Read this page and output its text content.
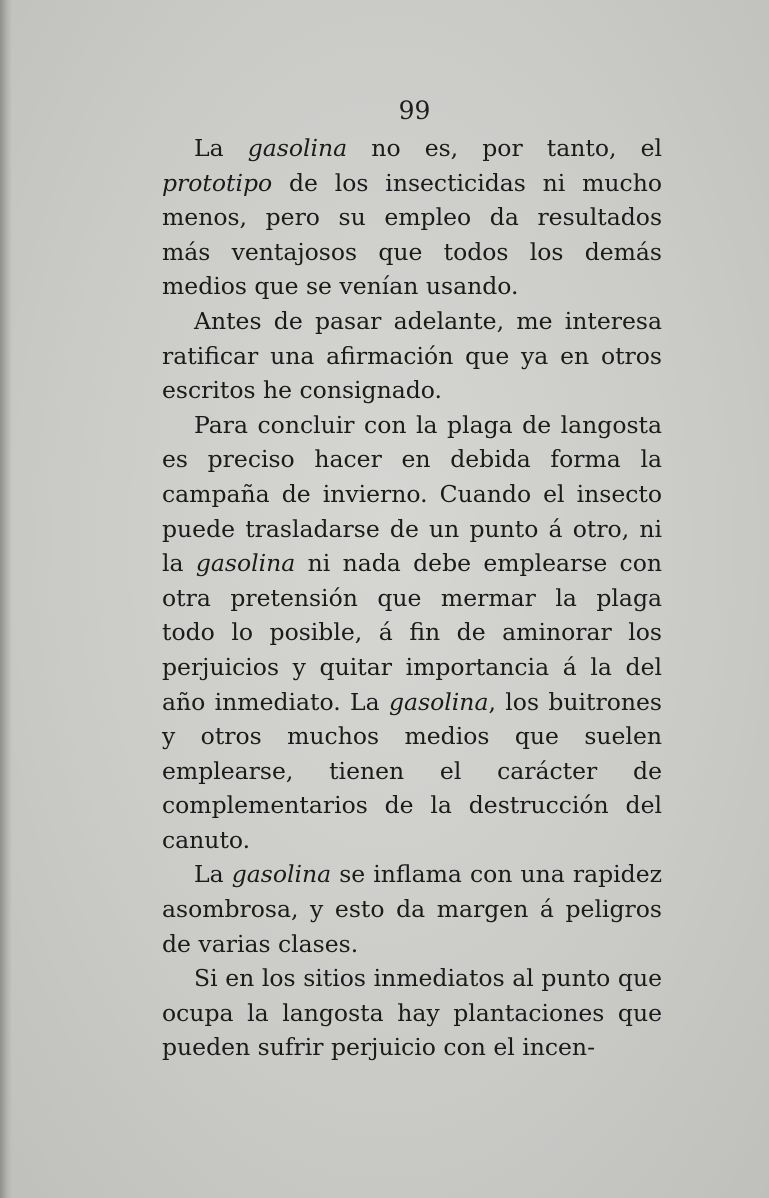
99

La gasolina no es, por tanto, el prototipo de los insecticidas ni mucho menos, pero su empleo da resultados más ventajosos que todos los demás medios que se venían usando.

Antes de pasar adelante, me interesa ratificar una afirmación que ya en otros escritos he consignado.

Para concluir con la plaga de langosta es preciso hacer en debida forma la campaña de invierno. Cuando el insecto puede trasladarse de un punto á otro, ni la gasolina ni nada debe emplearse con otra pretensión que mermar la plaga todo lo posible, á fin de aminorar los perjuicios y quitar importancia á la del año inmediato. La gasolina, los buitrones y otros muchos medios que suelen emplearse, tienen el carácter de complementarios de la destrucción del canuto.

La gasolina se inflama con una rapidez asombrosa, y esto da margen á peligros de varias clases.

Si en los sitios inmediatos al punto que ocupa la langosta hay plantaciones que pueden sufrir perjuicio con el incen-
